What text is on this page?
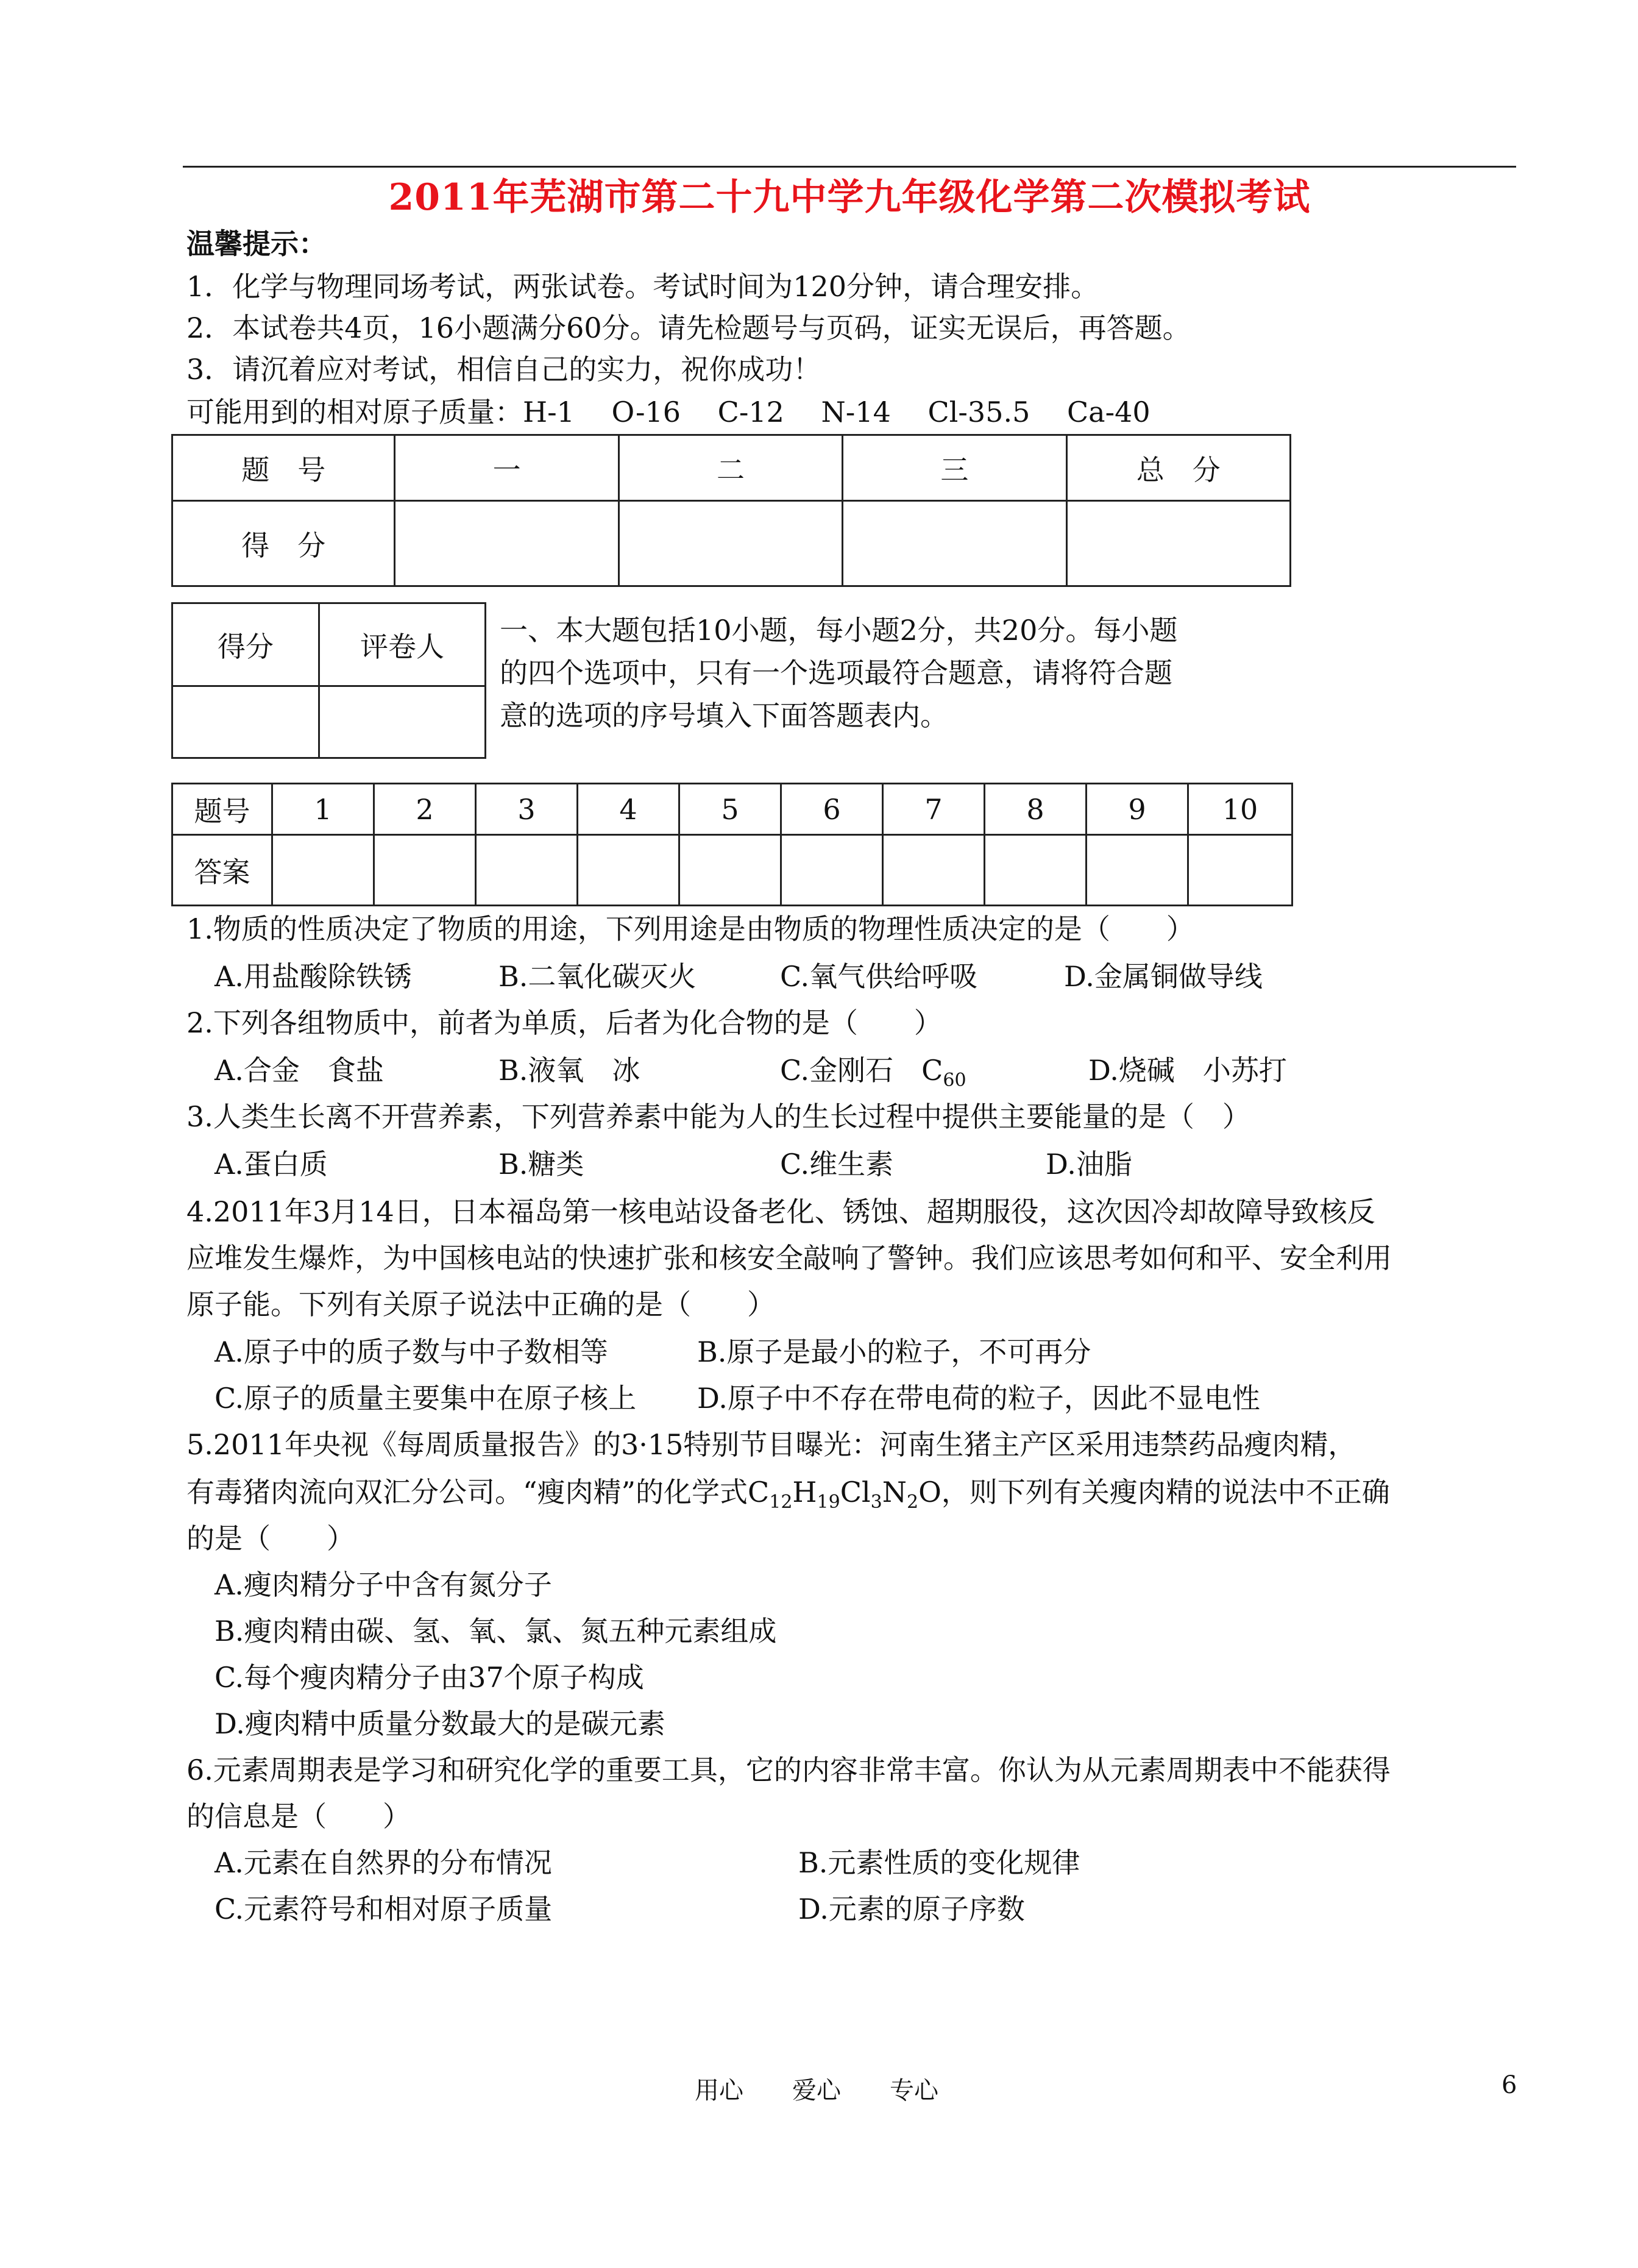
2011年芜湖市第二十九中学九年级化学第二次模拟考试
温馨提示：
1．化学与物理同场考试，两张试卷。考试时间为120分钟，请合理安排。
2．本试卷共4页，16小题满分60分。请先检题号与页码，证实无误后，再答题。
3．请沉着应对考试，相信自己的实力，祝你成功！
可能用到的相对原子质量：H-1　 O-16　 C-12　 N-14　 Cl-35.5　 Ca-40
题　号	一	二	三	总　分
得　分				
得分	评卷人
	一、本大题包括10小题，每小题2分，共20分。每小题
的四个选项中，只有一个选项最符合题意，请将符合题
意的选项的序号填入下面答题表内。
题号	1	2	3	4	5	6	7	8	9	10
答案										
1.物质的性质决定了物质的用途，下列用途是由物质的物理性质决定的是（　　）
A.用盐酸除铁锈	B.二氧化碳灭火	C.氧气供给呼吸	D.金属铜做导线
2.下列各组物质中，前者为单质，后者为化合物的是（　　）
A.合金　食盐	B.液氧　冰	C.金刚石　$C_{60}$	D.烧碱　小苏打
3.人类生长离不开营养素，下列营养素中能为人的生长过程中提供主要能量的是（　）
A.蛋白质	B.糖类	C.维生素	D.油脂
4.2011年3月14日，日本福岛第一核电站设备老化、锈蚀、超期服役，这次因冷却故障导致核反
应堆发生爆炸，为中国核电站的快速扩张和核安全敲响了警钟。我们应该思考如何和平、安全利用
原子能。下列有关原子说法中正确的是（　　）
A.原子中的质子数与中子数相等	B.原子是最小的粒子，不可再分
C.原子的质量主要集中在原子核上 D.原子中不存在带电荷的粒子，因此不显电性
5.2011年央视《每周质量报告》的3·15特别节目曝光：河南生猪主产区采用违禁药品瘦肉精，
有毒猪肉流向双汇分公司。“瘦肉精”的化学式$C_{12}H_{19}Cl_3N_2O$，则下列有关瘦肉精的说法中不正确
的是（　　）
A.瘦肉精分子中含有氮分子
B.瘦肉精由碳、氢、氧、氯、氮五种元素组成
C.每个瘦肉精分子由37个原子构成
D.瘦肉精中质量分数最大的是碳元素
6.元素周期表是学习和研究化学的重要工具，它的内容非常丰富。你认为从元素周期表中不能获得
的信息是（　　）
A.元素在自然界的分布情况	B.元素性质的变化规律
C.元素符号和相对原子质量	D.元素的原子序数
用心　　爱心　　专心	6
